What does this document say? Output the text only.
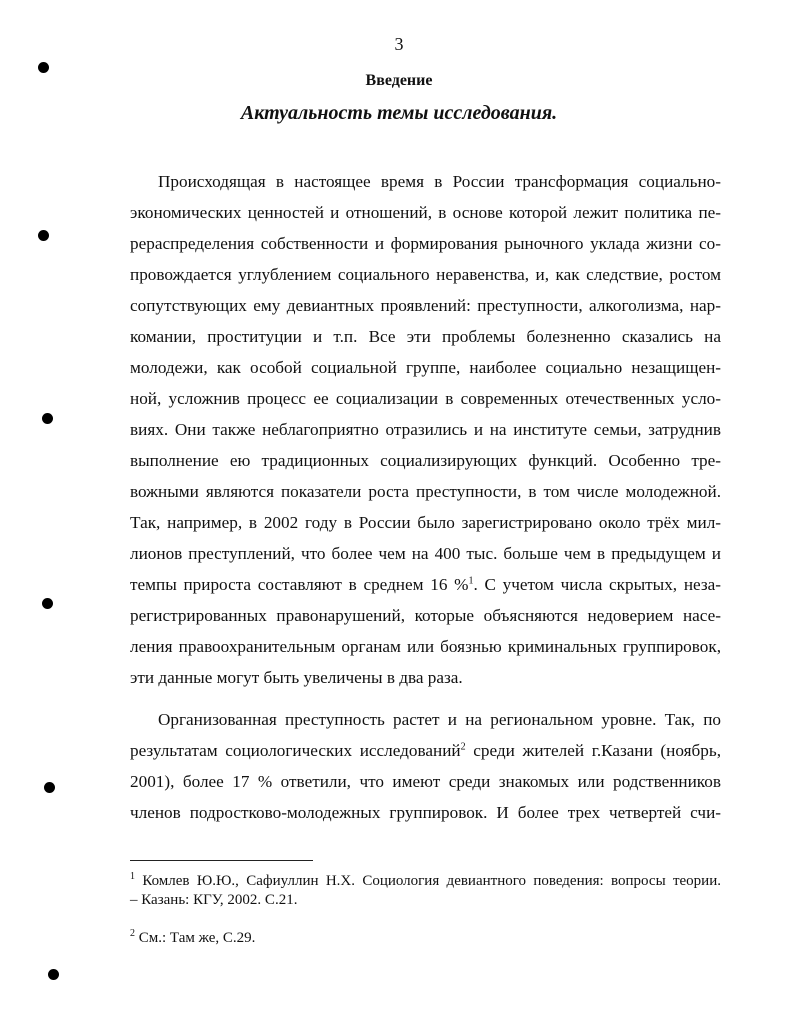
3
Введение
Актуальность темы исследования.
Происходящая в настоящее время в России трансформация социально-
экономических ценностей и отношений, в основе которой лежит политика пе-
рераспределения собственности и формирования рыночного уклада жизни со-
провождается углублением социального неравенства, и, как следствие, ростом
сопутствующих ему девиантных проявлений: преступности, алкоголизма, нар-
комании, проституции и т.п. Все эти проблемы болезненно сказались на
молодежи, как особой социальной группе, наиболее социально незащищен-
ной, усложнив процесс ее социализации в современных отечественных усло-
виях. Они также неблагоприятно отразились и на институте семьи, затруднив
выполнение ею традиционных социализирующих функций. Особенно тре-
вожными являются показатели роста преступности, в том числе молодежной.
Так, например, в 2002 году в России было зарегистрировано около трёх мил-
лионов преступлений, что более чем на 400 тыс. больше чем в предыдущем и
темпы прироста составляют в среднем 16 %$^1$. С учетом числа скрытых, неза-
регистрированных правонарушений, которые объясняются недоверием насе-
ления правоохранительным органам или боязнью криминальных группировок,
эти данные могут быть увеличены в два раза.
Организованная преступность растет и на региональном уровне. Так, по
результатам социологических исследований$^2$ среди жителей г.Казани (ноябрь,
2001), более 17 % ответили, что имеют среди знакомых или родственников
членов подростково-молодежных группировок. И более трех четвертей счи-
$^1$ Комлев Ю.Ю., Сафиуллин Н.Х. Социология девиантного поведения: вопросы теории.
– Казань: КГУ, 2002. С.21.
$^2$ См.: Там же, С.29.
